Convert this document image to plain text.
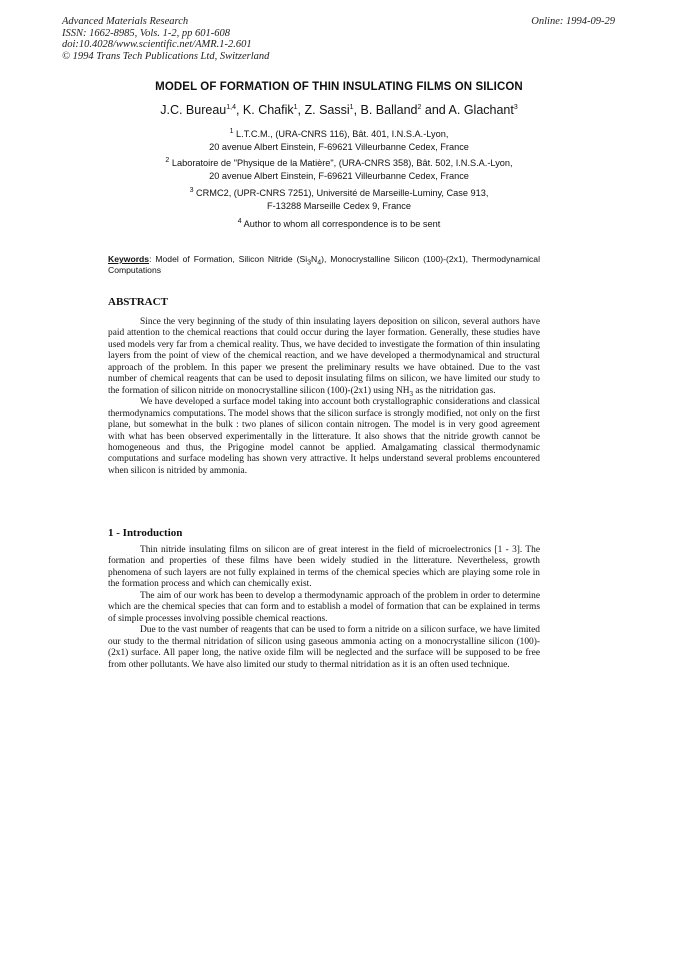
Advanced Materials Research
ISSN: 1662-8985, Vols. 1-2, pp 601-608
doi:10.4028/www.scientific.net/AMR.1-2.601
© 1994 Trans Tech Publications Ltd, Switzerland
Online: 1994-09-29
MODEL OF FORMATION OF THIN INSULATING FILMS ON SILICON
J.C. Bureau$^{1,4}$, K. Chafik$^1$, Z. Sassi$^1$, B. Balland$^2$ and A. Glachant$^3$
$^1$ L.T.C.M., (URA-CNRS 116), Bât. 401, I.N.S.A.-Lyon,
20 avenue Albert Einstein, F-69621 Villeurbanne Cedex, France
$^2$ Laboratoire de "Physique de la Matière", (URA-CNRS 358), Bât. 502, I.N.S.A.-Lyon,
20 avenue Albert Einstein, F-69621 Villeurbanne Cedex, France
$^3$ CRMC2, (UPR-CNRS 7251), Université de Marseille-Luminy, Case 913,
F-13288 Marseille Cedex 9, France
$^4$ Author to whom all correspondence is to be sent
Keywords: Model of Formation, Silicon Nitride $(Si_3N_4)$, Monocrystalline Silicon (100)-(2x1), Thermodynamical Computations
ABSTRACT

Since the very beginning of the study of thin insulating layers deposition on silicon, several authors have paid attention to the chemical reactions that could occur during the layer formation. Generally, these studies have used models very far from a chemical reality. Thus, we have decided to investigate the formation of thin insulating layers from the point of view of the chemical reaction, and we have developed a thermodynamical and structural approach of the problem. In this paper we present the preliminary results we have obtained. Due to the vast number of chemical reagents that can be used to deposit insulating films on silicon, we have limited our study to the formation of silicon nitride on monocrystalline silicon (100)-(2x1) using $NH_3$ as the nitridation gas.

We have developed a surface model taking into account both crystallographic considerations and classical thermodynamics computations. The model shows that the silicon surface is strongly modified, not only on the first plane, but somewhat in the bulk : two planes of silicon contain nitrogen. The model is in very good agreement with what has been observed experimentally in the litterature. It also shows that the nitride growth cannot be homogeneous and thus, the Prigogine model cannot be applied. Amalgamating classical thermodynamic computations and surface modeling has shown very attractive. It helps understand several problems encountered when silicon is nitrided by ammonia.

1 - Introduction

Thin nitride insulating films on silicon are of great interest in the field of microelectronics [1 - 3]. The formation and properties of these films have been widely studied in the litterature. Nevertheless, growth phenomena of such layers are not fully explained in terms of the chemical species which are playing some role in the formation process and which can chemically exist.

The aim of our work has been to develop a thermodynamic approach of the problem in order to determine which are the chemical species that can form and to establish a model of formation that can be explained in terms of simple processes involving possible chemical reactions.

Due to the vast number of reagents that can be used to form a nitride on a silicon surface, we have limited our study to the thermal nitridation of silicon using gaseous ammonia acting on a monocrystalline silicon (100)-(2x1) surface. All paper long, the native oxide film will be neglected and the surface will be supposed to be free from other pollutants. We have also limited our study to thermal nitridation as it is an often used technique.
